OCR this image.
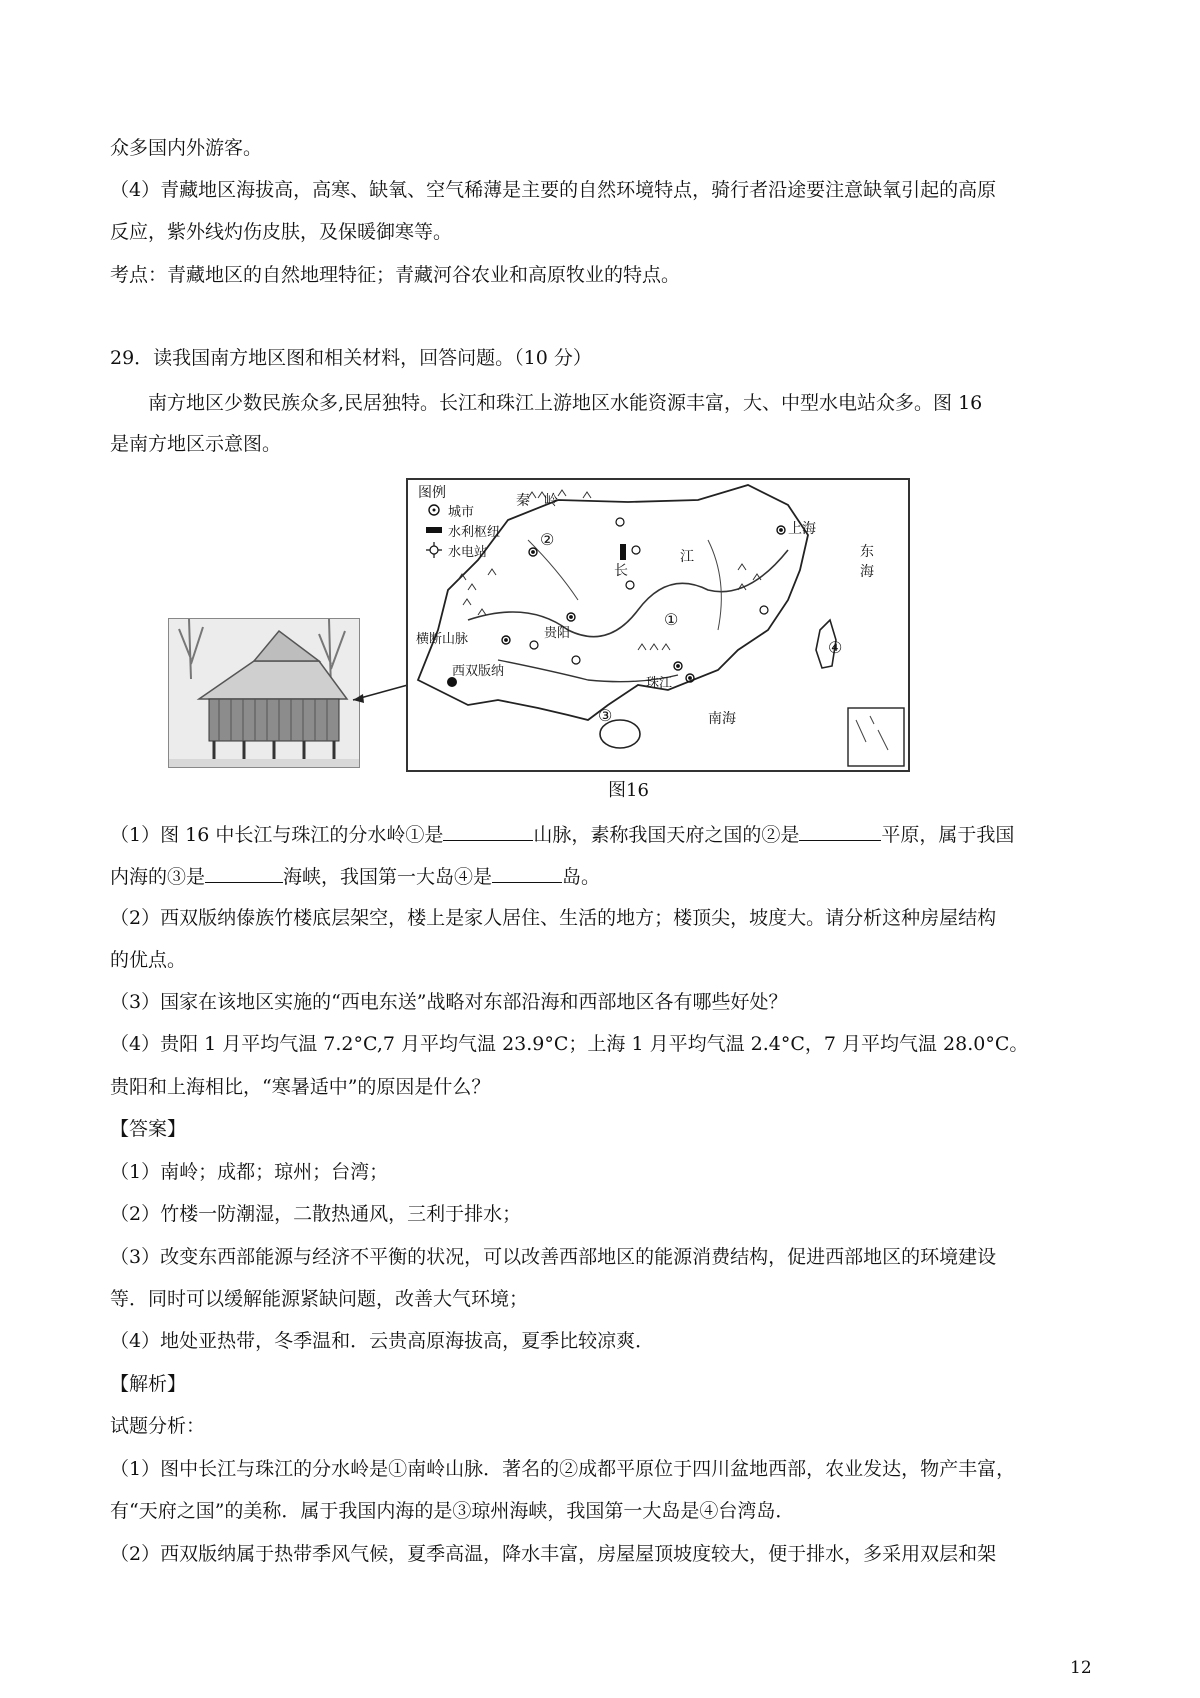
众多国内外游客。
（4）青藏地区海拔高，高寒、缺氧、空气稀薄是主要的自然环境特点，骑行者沿途要注意缺氧引起的高原
反应，紫外线灼伤皮肤，及保暖御寒等。
考点：青藏地区的自然地理特征；青藏河谷农业和高原牧业的特点。
29．读我国南方地区图和相关材料，回答问题。（10 分）
南方地区少数民族众多,民居独特。长江和珠江上游地区水能资源丰富，大、中型水电站众多。图 16
是南方地区示意图。
图例
城市
水利枢纽
水电站
秦　岭
上海
东海
长
江
贵阳
横断山脉
西双版纳
珠江
南海
①
②
③
④
图16
（1）图 16 中长江与珠江的分水岭①是	山脉，素称我国天府之国的②是	平原，属于我国
内海的③是	海峡，我国第一大岛④是	岛。
（2）西双版纳傣族竹楼底层架空，楼上是家人居住、生活的地方；楼顶尖，坡度大。请分析这种房屋结构
的优点。
（3）国家在该地区实施的“西电东送”战略对东部沿海和西部地区各有哪些好处？
（4）贵阳 1 月平均气温 7.2°C,7 月平均气温 23.9°C；上海 1 月平均气温 2.4°C，7 月平均气温 28.0°C。
贵阳和上海相比，“寒暑适中”的原因是什么？
【答案】
（1）南岭；成都；琼州；台湾；
（2）竹楼一防潮湿，二散热通风，三利于排水；
（3）改变东西部能源与经济不平衡的状况，可以改善西部地区的能源消费结构，促进西部地区的环境建设
等．同时可以缓解能源紧缺问题，改善大气环境；
（4）地处亚热带，冬季温和．云贵高原海拔高，夏季比较凉爽．
【解析】
试题分析：
（1）图中长江与珠江的分水岭是①南岭山脉．著名的②成都平原位于四川盆地西部，农业发达，物产丰富，
有“天府之国”的美称．属于我国内海的是③琼州海峡，我国第一大岛是④台湾岛．
（2）西双版纳属于热带季风气候，夏季高温，降水丰富，房屋屋顶坡度较大，便于排水，多采用双层和架
12
